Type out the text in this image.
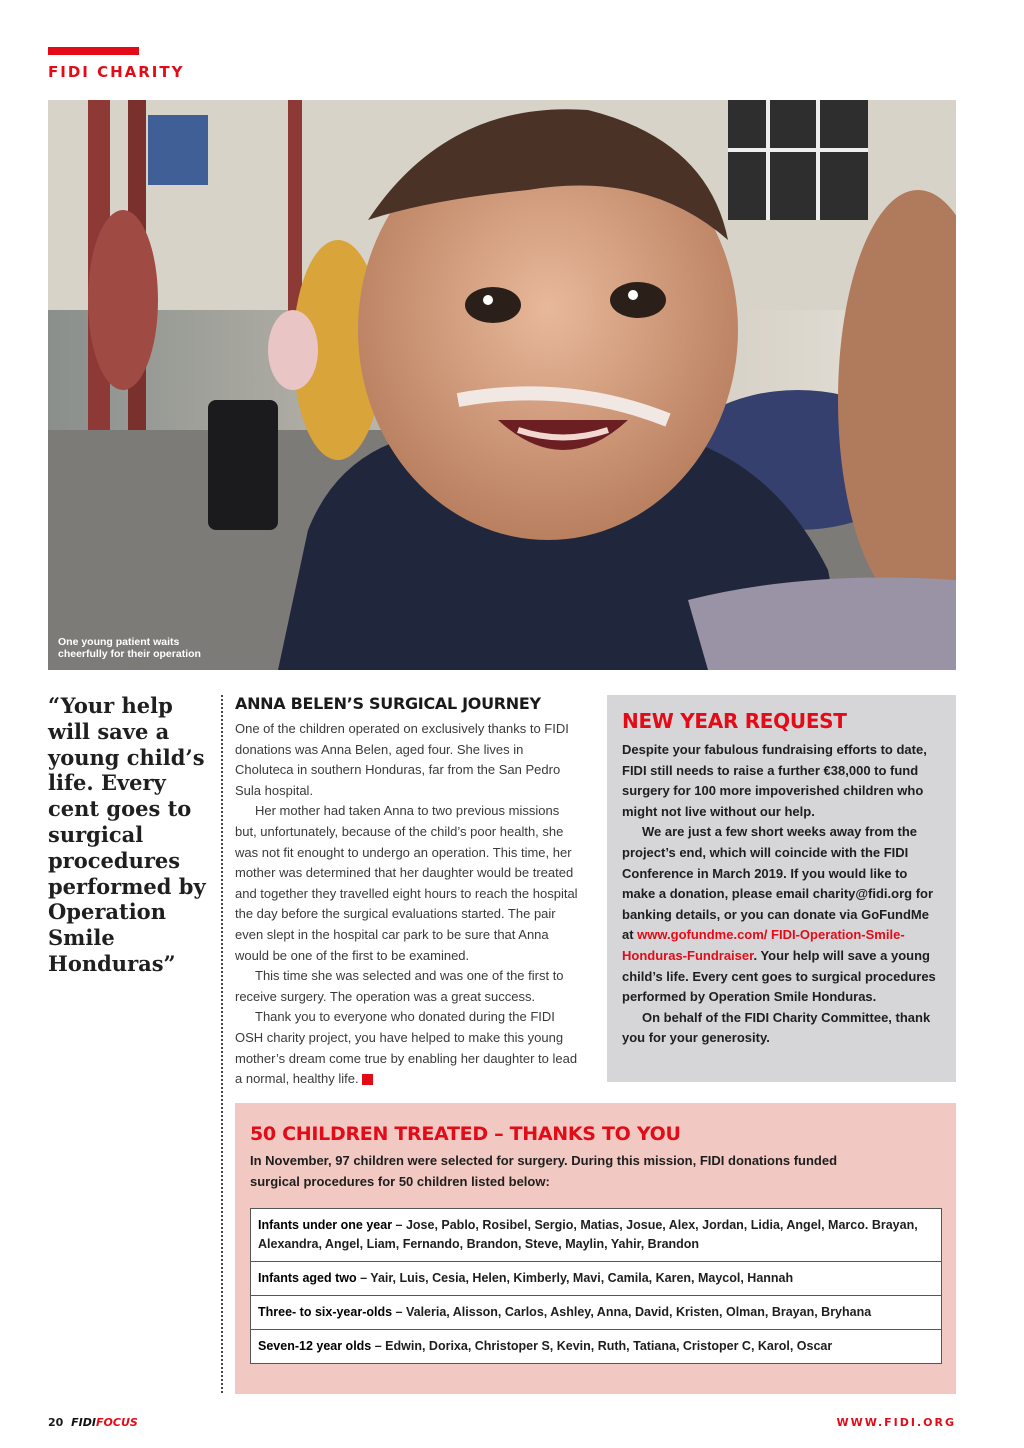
FIDI CHARITY
One young patient waits
cheerfully for their operation
“Your help will save a young child’s life. Every cent goes to surgical procedures performed by Operation Smile Honduras”
ANNA BELEN’S SURGICAL JOURNEY

One of the children operated on exclusively thanks to FIDI donations was Anna Belen, aged four. She lives in Choluteca in southern Honduras, far from the San Pedro Sula hospital.

Her mother had taken Anna to two previous missions but, unfortunately, because of the child’s poor health, she was not fit enought to undergo an operation. This time, her mother was determined that her daughter would be treated and together they travelled eight hours to reach the hospital the day before the surgical evaluations started. The pair even slept in the hospital car park to be sure that Anna would be one of the first to be examined.

This time she was selected and was one of the first to receive surgery. The operation was a great success.

Thank you to everyone who donated during the FIDI OSH charity project, you have helped to make this young mother’s dream come true by enabling her daughter to lead a normal, healthy life.	FF

NEW YEAR REQUEST

Despite your fabulous fundraising efforts to date, FIDI still needs to raise a further €38,000 to fund surgery for 100 more impoverished children who might not live without our help.

We are just a few short weeks away from the project’s end, which will coincide with the FIDI Conference in March 2019. If you would like to make a donation, please email charity@fidi.org for banking details, or you can donate via GoFundMe at www.gofundme.com/ FIDI-Operation-Smile-Honduras-Fundraiser. Your help will save a young child’s life. Every cent goes to surgical procedures performed by Operation Smile Honduras.

On behalf of the FIDI Charity Committee, thank you for your generosity.

50 CHILDREN TREATED – THANKS TO YOU

In November, 97 children were selected for surgery. During this mission, FIDI donations funded surgical procedures for 50 children listed below:

Infants under one year – Jose, Pablo, Rosibel, Sergio, Matias, Josue, Alex, Jordan, Lidia, Angel, Marco. Brayan, Alexandra, Angel, Liam, Fernando, Brandon, Steve, Maylin, Yahir, Brandon
Infants aged two – Yair, Luis, Cesia, Helen, Kimberly, Mavi, Camila, Karen, Maycol, Hannah
Three- to six-year-olds – Valeria, Alisson, Carlos, Ashley, Anna, David, Kristen, Olman, Brayan, Bryhana
Seven-12 year olds – Edwin, Dorixa, Christoper S, Kevin, Ruth, Tatiana, Cristoper C, Karol, Oscar
20 FIDIFOCUS	WWW.FIDI.ORG
